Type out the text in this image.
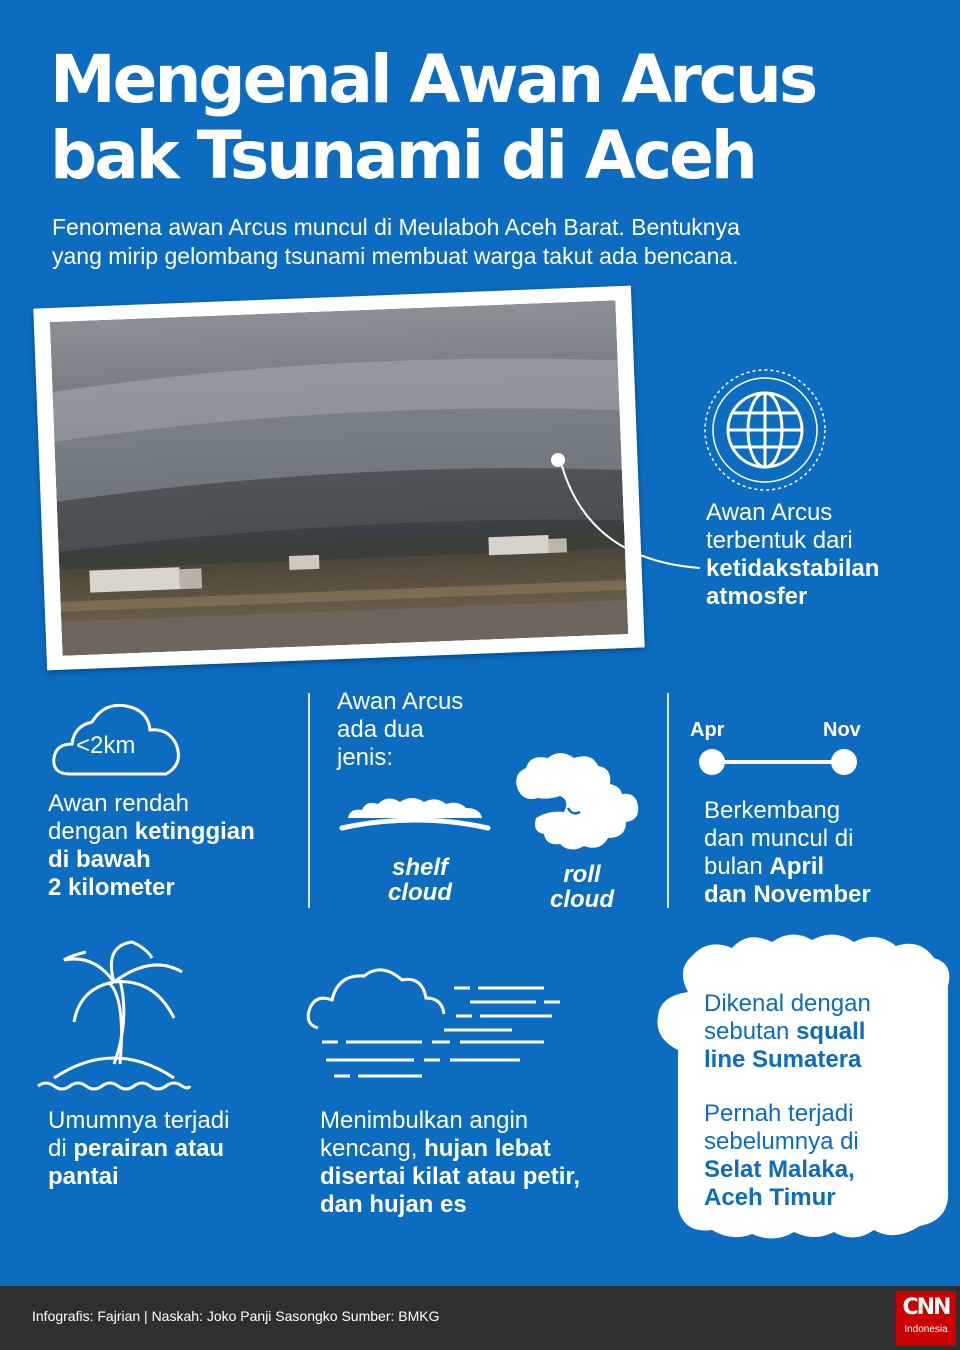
Mengenal Awan Arcus
bak Tsunami di Aceh
Fenomena awan Arcus muncul di Meulaboh Aceh Barat. Bentuknya
yang mirip gelombang tsunami membuat warga takut ada bencana.
Awan Arcus
terbentuk dari
ketidakstabilan
atmosfer
<2km
Awan rendah
dengan ketinggian
di bawah
2 kilometer
Awan Arcus
ada dua
jenis:
shelf
cloud
roll
cloud
Apr	Nov
Berkembang
dan muncul di
bulan April
dan November
Umumnya terjadi
di perairan atau
pantai
Menimbulkan angin
kencang, hujan lebat
disertai kilat atau petir,
dan hujan es
Dikenal dengan
sebutan squall
line Sumatera
Pernah terjadi
sebelumnya di
Selat Malaka,
Aceh Timur
Infografis: Fajrian | Naskah: Joko Panji Sasongko Sumber: BMKG	CNN
Indonesia
